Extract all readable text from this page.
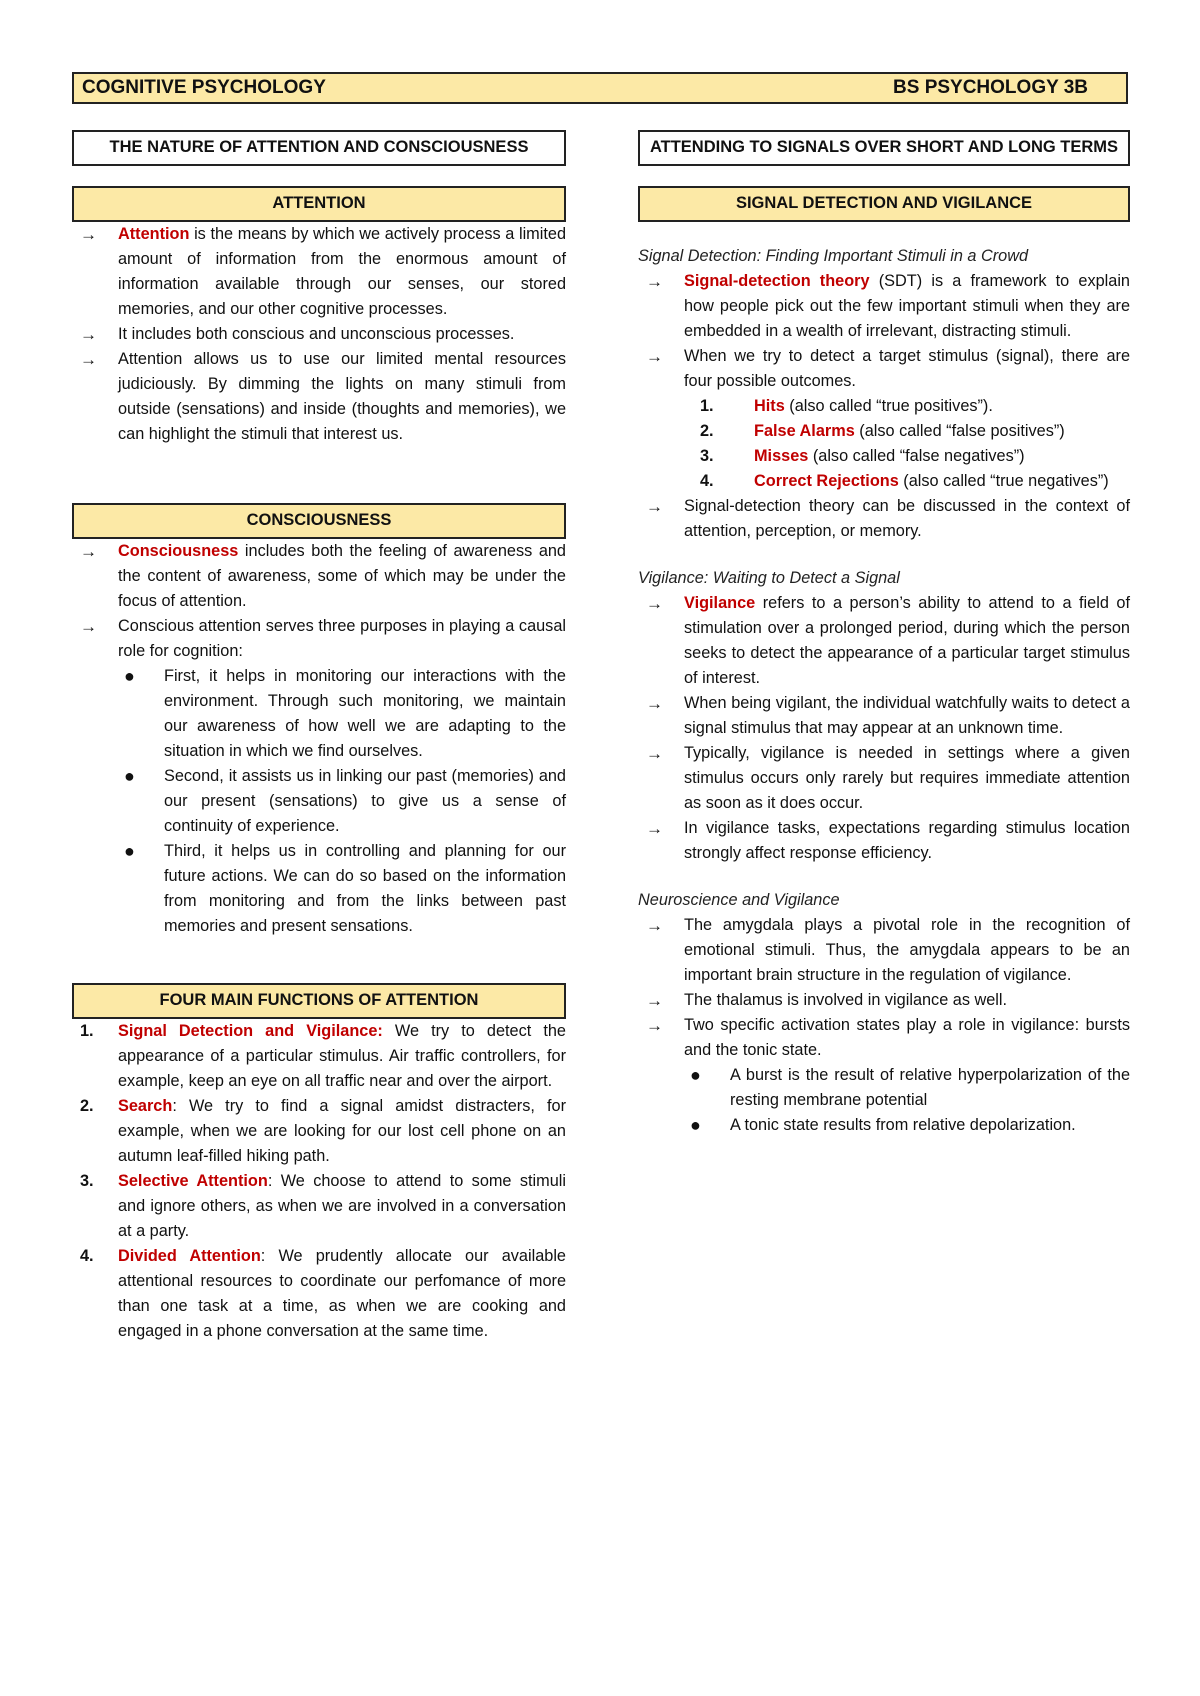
COGNITIVE PSYCHOLOGY	BS PSYCHOLOGY 3B
THE NATURE OF ATTENTION AND CONSCIOUSNESS
ATTENTION
→	Attention is the means by which we actively process a limited amount of information from the enormous amount of information available through our senses, our stored memories, and our other cognitive processes.
→	It includes both conscious and unconscious processes.
→	Attention allows us to use our limited mental resources judiciously. By dimming the lights on many stimuli from outside (sensations) and inside (thoughts and memories), we can highlight the stimuli that interest us.
CONSCIOUSNESS
→	Consciousness includes both the feeling of awareness and the content of awareness, some of which may be under the focus of attention.
→	Conscious attention serves three purposes in playing a causal role for cognition:
● First, it helps in monitoring our interactions with the environment. Through such monitoring, we maintain our awareness of how well we are adapting to the situation in which we find ourselves.
● Second, it assists us in linking our past (memories) and our present (sensations) to give us a sense of continuity of experience.
● Third, it helps us in controlling and planning for our future actions. We can do so based on the information from monitoring and from the links between past memories and present sensations.
FOUR MAIN FUNCTIONS OF ATTENTION
1.	Signal Detection and Vigilance: We try to detect the appearance of a particular stimulus. Air traffic controllers, for example, keep an eye on all traffic near and over the airport.
2.	Search: We try to find a signal amidst distracters, for example, when we are looking for our lost cell phone on an autumn leaf-filled hiking path.
3.	Selective Attention: We choose to attend to some stimuli and ignore others, as when we are involved in a conversation at a party.
4.	Divided Attention: We prudently allocate our available attentional resources to coordinate our perfomance of more than one task at a time, as when we are cooking and engaged in a phone conversation at the same time.
ATTENDING TO SIGNALS OVER SHORT AND LONG TERMS
SIGNAL DETECTION AND VIGILANCE
Signal Detection: Finding Important Stimuli in a Crowd
→	Signal-detection theory (SDT) is a framework to explain how people pick out the few important stimuli when they are embedded in a wealth of irrelevant, distracting stimuli.
→	When we try to detect a target stimulus (signal), there are four possible outcomes.
1. Hits (also called “true positives”).
2. False Alarms (also called “false positives”)
3. Misses (also called “false negatives”)
4. Correct Rejections (also called “true negatives”)
→	Signal-detection theory can be discussed in the context of attention, perception, or memory.
Vigilance: Waiting to Detect a Signal
→	Vigilance refers to a person’s ability to attend to a field of stimulation over a prolonged period, during which the person seeks to detect the appearance of a particular target stimulus of interest.
→	When being vigilant, the individual watchfully waits to detect a signal stimulus that may appear at an unknown time.
→	Typically, vigilance is needed in settings where a given stimulus occurs only rarely but requires immediate attention as soon as it does occur.
→	In vigilance tasks, expectations regarding stimulus location strongly affect response efficiency.
Neuroscience and Vigilance
→	The amygdala plays a pivotal role in the recognition of emotional stimuli. Thus, the amygdala appears to be an important brain structure in the regulation of vigilance.
→	The thalamus is involved in vigilance as well.
→	Two specific activation states play a role in vigilance: bursts and the tonic state.
● A burst is the result of relative hyperpolarization of the resting membrane potential
● A tonic state results from relative depolarization.
